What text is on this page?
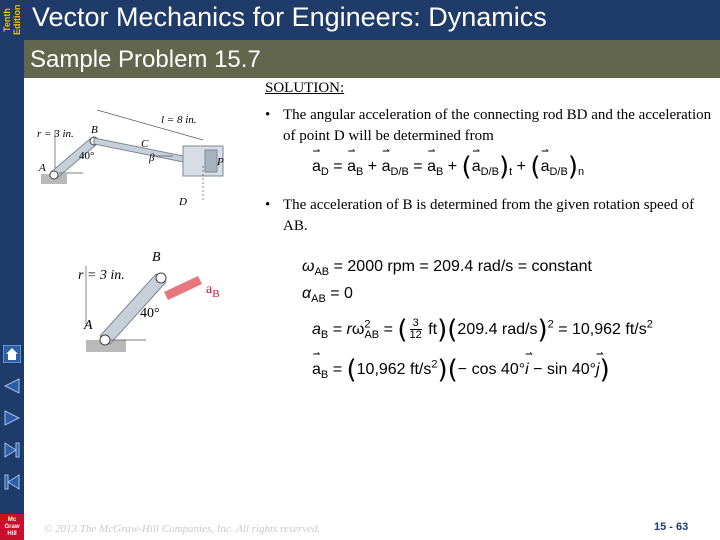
Tenth Edition
Mc
Graw
Hill
Vector Mechanics for Engineers: Dynamics
Sample Problem 15.7
r = 3 in.
l = 8 in.
40°	β
A
B
C
P
D
r = 3 in.
B
40°
A
$a_B$
SOLUTION:
• The angular acceleration of the connecting rod BD and the acceleration of point D will be determined from
⇀ $a_D$ = ⇀ $a_B$ + ⇀ $a_{D/B}$ = ⇀ $a_B$ + (⇀ $a_{D/B})_t$ + (⇀ $a_{D/B})_n$
• The acceleration of B is determined from the given rotation speed of AB.
$\omega_{AB} = 2000$ rpm = 209.4 rad/s = constant
$\alpha_{AB} = 0$
$a_B = r\omega^2_{AB}$ = ( $\frac{3}{12} ft)(209.4$ rad/s)$^2$ = 10,962 $ft/s^2$
⇀ $a_B = (10,962$ $ft/s^2)(- \cos$ 40°⇀ i − sin 40°⇀ j)
© 2013 The McGraw-Hill Companies, Inc. All rights reserved.	15 - 63
